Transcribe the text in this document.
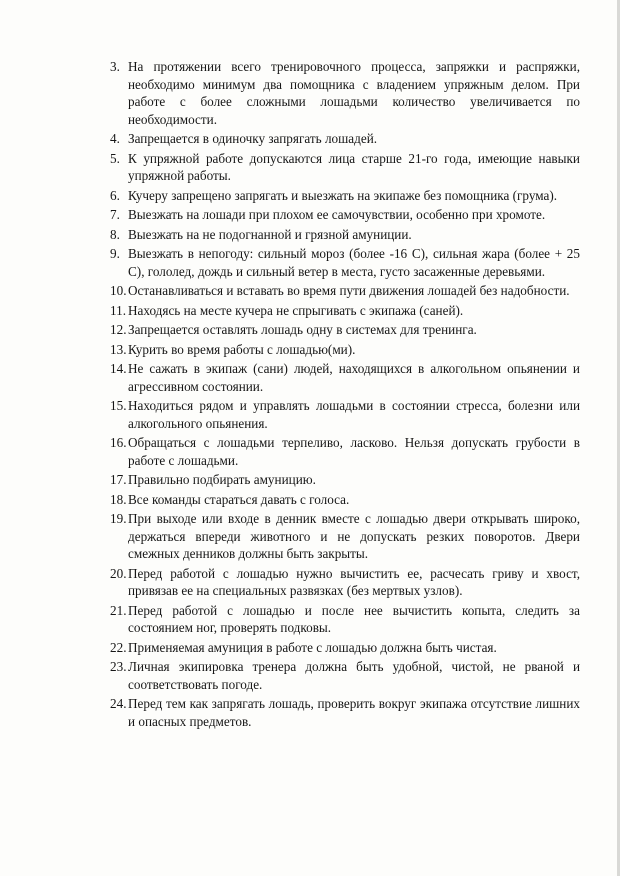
3. На протяжении всего тренировочного процесса, запряжки и распряжки, необходимо минимум два помощника с владением упряжным делом. При работе с более сложными лошадьми количество увеличивается по необходимости.
4. Запрещается в одиночку запрягать лошадей.
5. К упряжной работе допускаются лица старше 21-го года, имеющие навыки упряжной работы.
6. Кучеру запрещено запрягать и выезжать на экипаже без помощника (грума).
7. Выезжать на лошади при плохом ее самочувствии, особенно при хромоте.
8. Выезжать на не подогнанной и грязной амуниции.
9. Выезжать в непогоду: сильный мороз (более -16 С), сильная жара (более + 25 С), гололед, дождь и сильный ветер в места, густо засаженные деревьями.
10. Останавливаться и вставать во время пути движения лошадей без надобности.
11. Находясь на месте кучера не спрыгивать с экипажа (саней).
12. Запрещается оставлять лошадь одну в системах для тренинга.
13. Курить во время работы с лошадью(ми).
14. Не сажать в экипаж (сани) людей, находящихся в алкогольном опьянении и агрессивном состоянии.
15. Находиться рядом и управлять лошадьми в состоянии стресса, болезни или алкогольного опьянения.
16. Обращаться с лошадьми терпеливо, ласково. Нельзя допускать грубости в работе с лошадьми.
17. Правильно подбирать амуницию.
18. Все команды стараться давать с голоса.
19. При выходе или входе в денник вместе с лошадью двери открывать широко, держаться впереди животного и не допускать резких поворотов. Двери смежных денников должны быть закрыты.
20. Перед работой с лошадью нужно вычистить ее, расчесать гриву и хвост, привязав ее на специальных развязках (без мертвых узлов).
21. Перед работой с лошадью и после нее вычистить копыта, следить за состоянием ног, проверять подковы.
22. Применяемая амуниция в работе с лошадью должна быть чистая.
23. Личная экипировка тренера должна быть удобной, чистой, не рваной и соответствовать погоде.
24. Перед тем как запрягать лошадь, проверить вокруг экипажа отсутствие лишних и опасных предметов.
